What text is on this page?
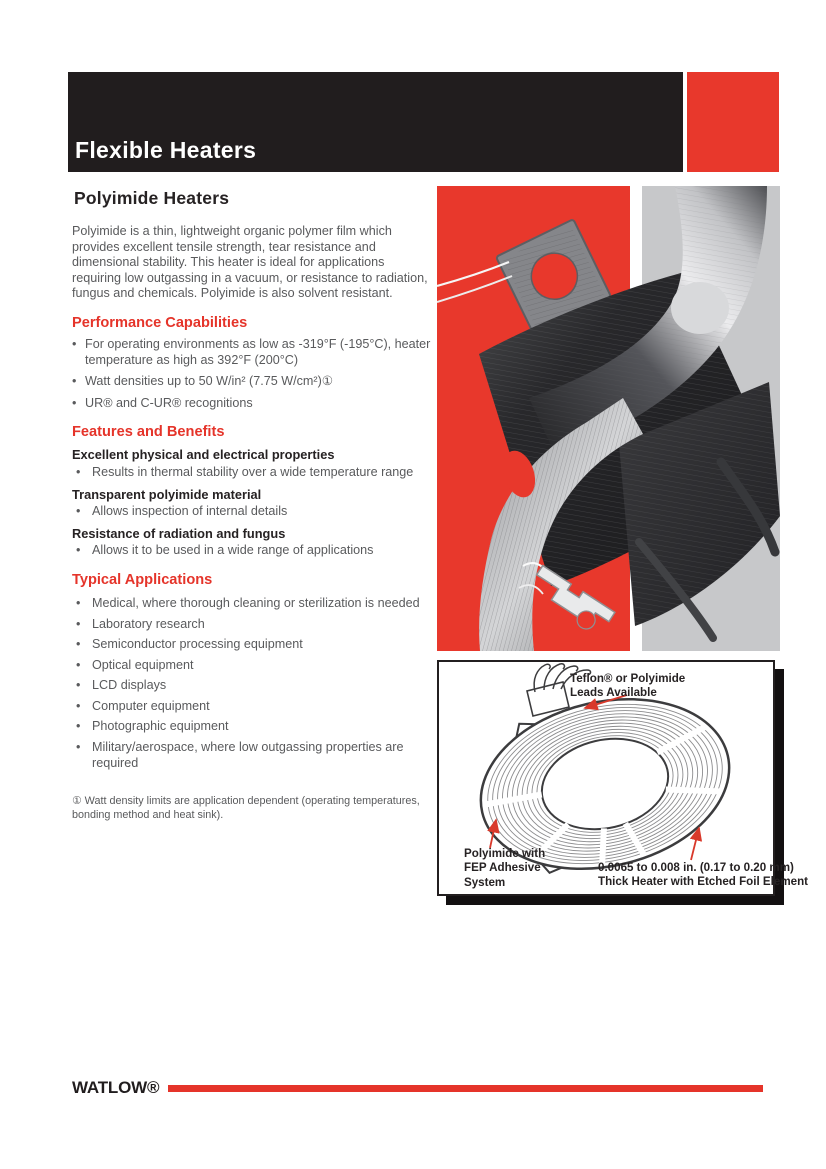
Flexible Heaters
Polyimide Heaters

Polyimide is a thin, lightweight organic polymer film which provides excellent tensile strength, tear resistance and dimensional stability. This heater is ideal for applications requiring low outgassing in a vacuum, or resistance to radiation, fungus and chemicals. Polyimide is also solvent resistant.

Performance Capabilities
• For operating environments as low as -319°F (-195°C), heater temperature as high as 392°F (200°C)
• Watt densities up to 50 W/in² (7.75 W/cm²)①
• UR® and C-UR® recognitions
Features and Benefits
Excellent physical and electrical properties
• Results in thermal stability over a wide temperature range
Transparent polyimide material
• Allows inspection of internal details
Resistance of radiation and fungus
• Allows it to be used in a wide range of applications
Typical Applications
• Medical, where thorough cleaning or sterilization is needed
• Laboratory research
• Semiconductor processing equipment
• Optical equipment
• LCD displays
• Computer equipment
• Photographic equipment
• Military/aerospace, where low outgassing properties are required

① Watt density limits are application dependent (operating temperatures, bonding method and heat sink).

Teflon® or Polyimide
Leads Available
Polyimide with
FEP Adhesive
System
0.0065 to 0.008 in. (0.17 to 0.20 mm)
Thick Heater with Etched Foil Element
WATLOW®
